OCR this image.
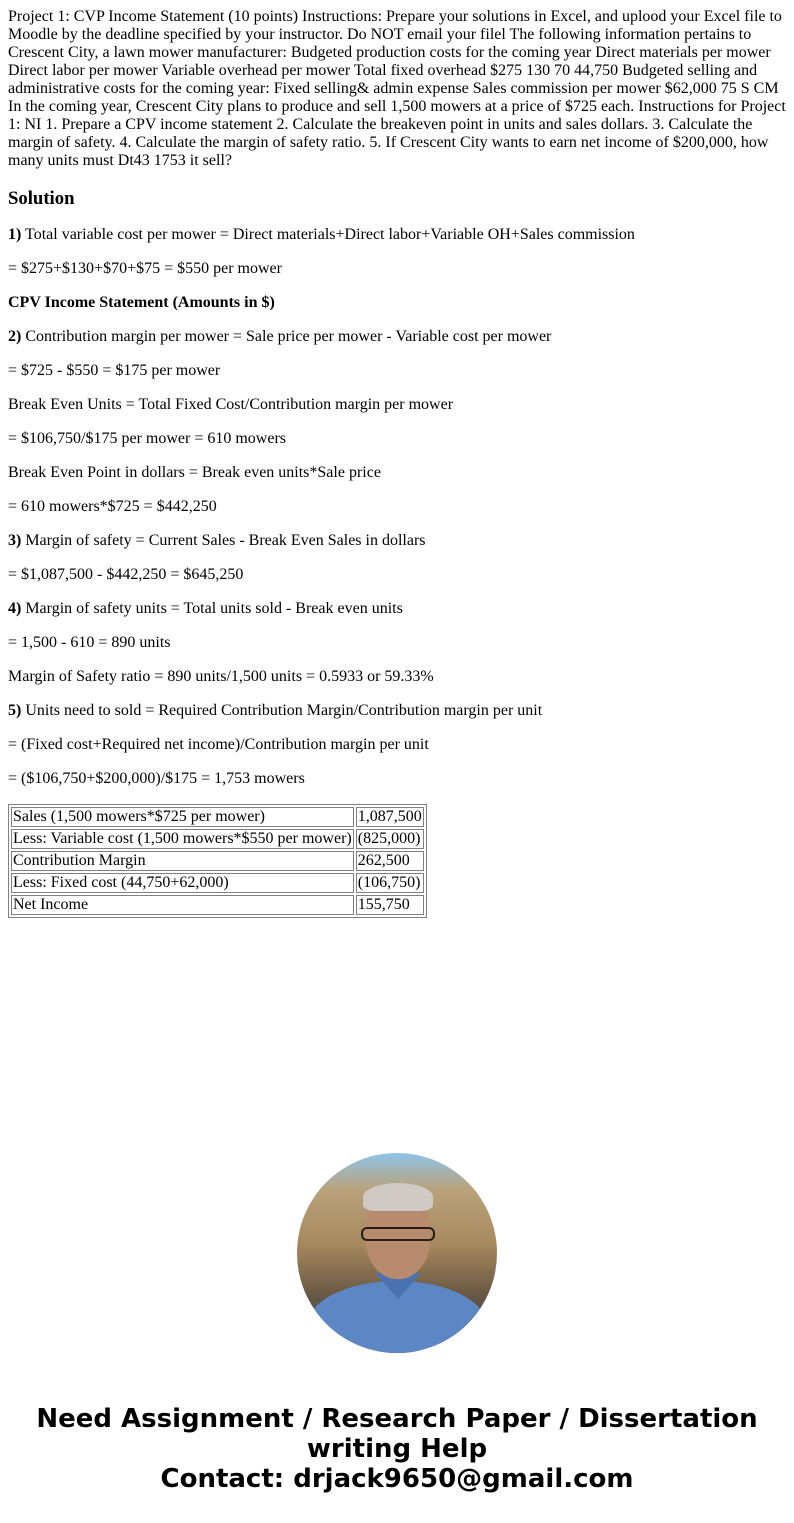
Project 1: CVP Income Statement (10 points) Instructions: Prepare your solutions in Excel, and uplood your Excel file to Moodle by the deadline specified by your instructor. Do NOT email your filel The following information pertains to Crescent City, a lawn mower manufacturer: Budgeted production costs for the coming year Direct materials per mower Direct labor per mower Variable overhead per mower Total fixed overhead $275 130 70 44,750 Budgeted selling and administrative costs for the coming year: Fixed selling& admin expense Sales commission per mower $62,000 75 S CM In the coming year, Crescent City plans to produce and sell 1,500 mowers at a price of $725 each. Instructions for Project 1: NI 1. Prepare a CPV income statement 2. Calculate the breakeven point in units and sales dollars. 3. Calculate the margin of safety. 4. Calculate the margin of safety ratio. 5. If Crescent City wants to earn net income of $200,000, how many units must Dt43 1753 it sell?

Solution

1) Total variable cost per mower = Direct materials+Direct labor+Variable OH+Sales commission

= $275+$130+$70+$75 = $550 per mower

CPV Income Statement (Amounts in $)

2) Contribution margin per mower = Sale price per mower - Variable cost per mower

= $725 - $550 = $175 per mower

Break Even Units = Total Fixed Cost/Contribution margin per mower

= $106,750/$175 per mower = 610 mowers

Break Even Point in dollars = Break even units*Sale price

= 610 mowers*$725 = $442,250

3) Margin of safety = Current Sales - Break Even Sales in dollars

= $1,087,500 - $442,250 = $645,250

4) Margin of safety units = Total units sold - Break even units

= 1,500 - 610 = 890 units

Margin of Safety ratio = 890 units/1,500 units = 0.5933 or 59.33%

5) Units need to sold = Required Contribution Margin/Contribution margin per unit

= (Fixed cost+Required net income)/Contribution margin per unit

= ($106,750+$200,000)/$175 = 1,753 mowers

Sales (1,500 mowers*$725 per mower)	1,087,500
Less: Variable cost (1,500 mowers*$550 per mower)	(825,000)
Contribution Margin	262,500
Less: Fixed cost (44,750+62,000)	(106,750)
Net Income	155,750
Need Assignment / Research Paper / Dissertation
writing Help
Contact: drjack9650@gmail.com
